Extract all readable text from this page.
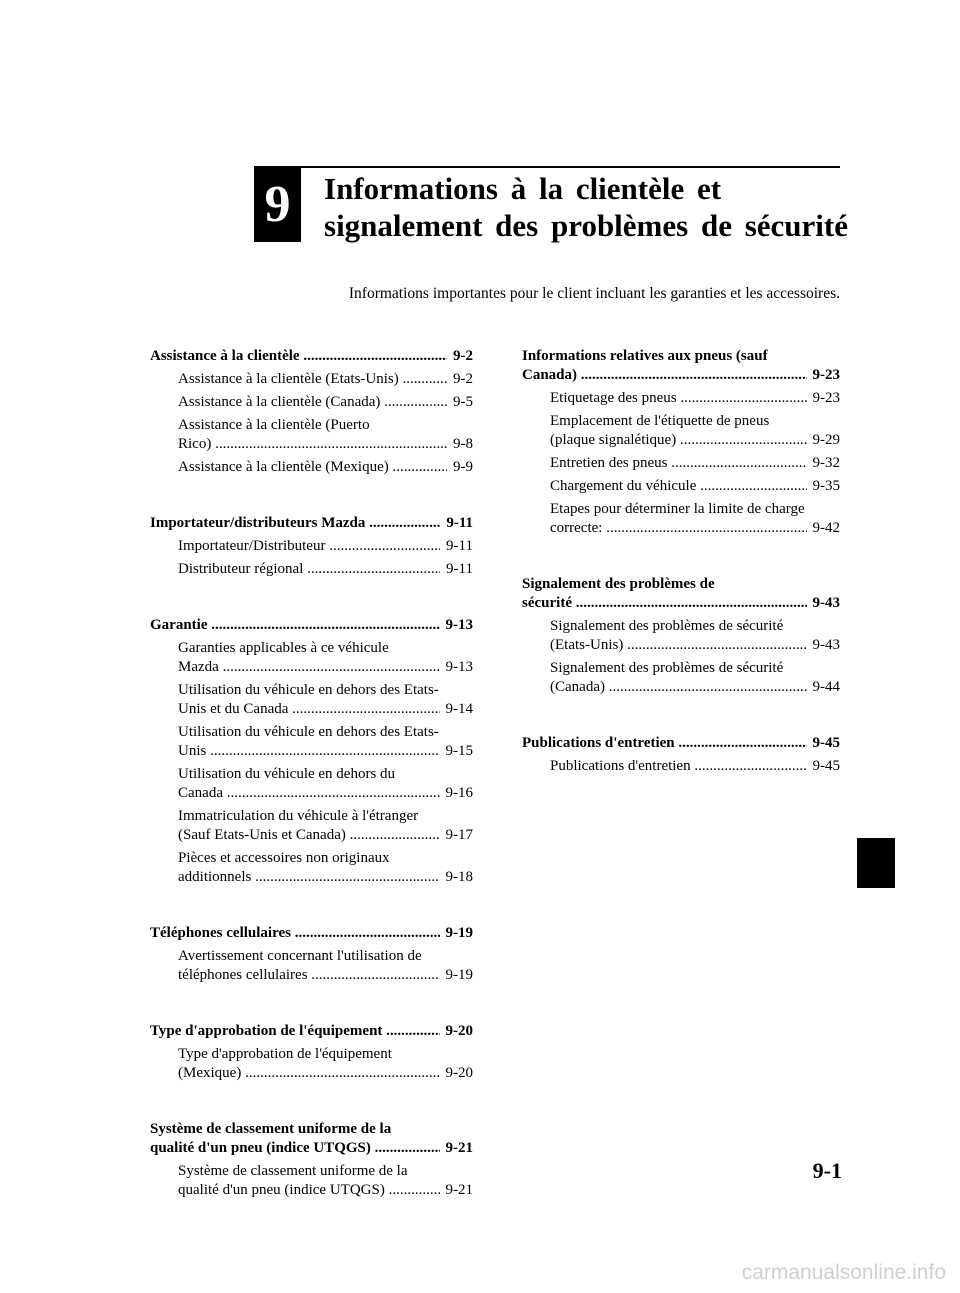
9	Informations à la clientèle et
signalement des problèmes de sécurité
Informations importantes pour le client incluant les garanties et les accessoires.
Assistance à la clientèle .....	9-2
Assistance à la clientèle (Etats-Unis) .....	9-2
Assistance à la clientèle (Canada) .....	9-5
Assistance à la clientèle (Puerto
Rico) .....	9-8
Assistance à la clientèle (Mexique) .....	9-9
Importateur/distributeurs Mazda .....	9-11
Importateur/Distributeur .....	9-11
Distributeur régional .....	9-11
Garantie .....	9-13
Garanties applicables à ce véhicule
Mazda .....	9-13
Utilisation du véhicule en dehors des Etats-
Unis et du Canada .....	9-14
Utilisation du véhicule en dehors des Etats-
Unis .....	9-15
Utilisation du véhicule en dehors du
Canada .....	9-16
Immatriculation du véhicule à l'étranger
(Sauf Etats-Unis et Canada) .....	9-17
Pièces et accessoires non originaux
additionnels .....	9-18
Téléphones cellulaires .....	9-19
Avertissement concernant l'utilisation de
téléphones cellulaires .....	9-19
Type d'approbation de l'équipement .....	9-20
Type d'approbation de l'équipement
(Mexique) .....	9-20
Système de classement uniforme de la
qualité d'un pneu (indice UTQGS) .....	9-21
Système de classement uniforme de la
qualité d'un pneu (indice UTQGS) .....	9-21
Informations relatives aux pneus (sauf
Canada) .....	9-23
Etiquetage des pneus .....	9-23
Emplacement de l'étiquette de pneus
(plaque signalétique) .....	9-29
Entretien des pneus .....	9-32
Chargement du véhicule .....	9-35
Etapes pour déterminer la limite de charge
correcte: .....	9-42
Signalement des problèmes de
sécurité .....	9-43
Signalement des problèmes de sécurité
(Etats-Unis) .....	9-43
Signalement des problèmes de sécurité
(Canada) .....	9-44
Publications d'entretien .....	9-45
Publications d'entretien .....	9-45
9-1
carmanualsonline.info
